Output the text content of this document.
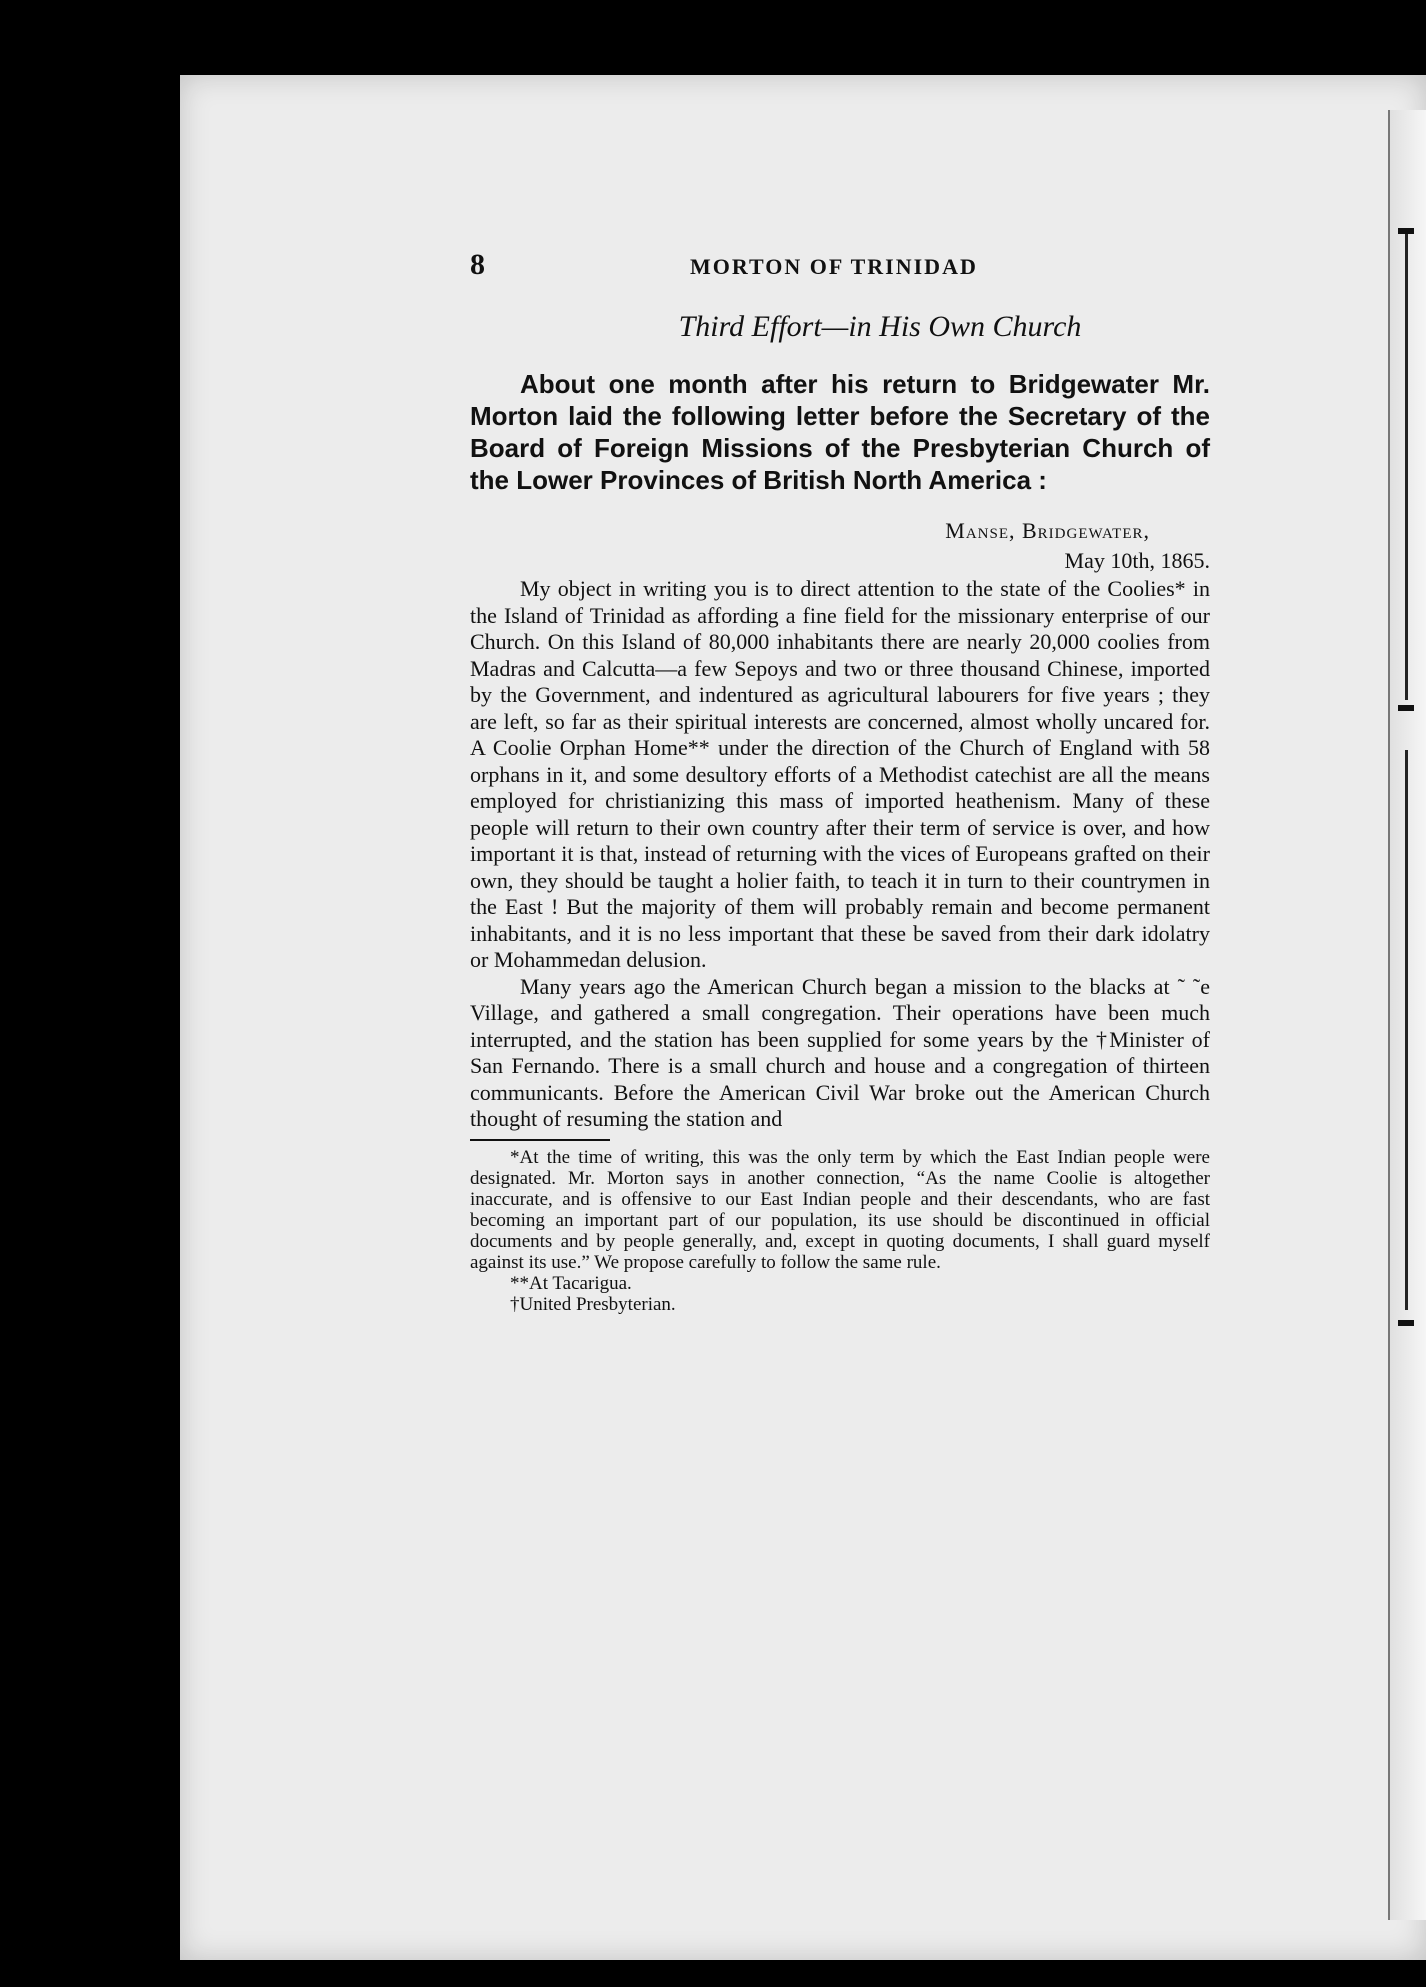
8	MORTON OF TRINIDAD
Third Effort—in His Own Church

About one month after his return to Bridgewater Mr. Morton laid the following letter before the Secretary of the Board of Foreign Missions of the Presbyterian Church of the Lower Provinces of British North America :

Manse, Bridgewater,
May 10th, 1865.

My object in writing you is to direct attention to the state of the Coolies* in the Island of Trinidad as affording a fine field for the missionary enterprise of our Church. On this Island of 80,000 inhabitants there are nearly 20,000 coolies from Madras and Calcutta—a few Sepoys and two or three thousand Chinese, imported by the Government, and indentured as agricultural labourers for five years ; they are left, so far as their spiritual interests are concerned, almost wholly uncared for. A Coolie Orphan Home** under the direction of the Church of England with 58 orphans in it, and some desultory efforts of a Methodist catechist are all the means employed for christianizing this mass of imported heathenism. Many of these people will return to their own country after their term of service is over, and how important it is that, instead of returning with the vices of Europeans grafted on their own, they should be taught a holier faith, to teach it in turn to their countrymen in the East ! But the majority of them will probably remain and become permanent inhabitants, and it is no less important that these be saved from their dark idolatry or Mohammedan delusion.

Many years ago the American Church began a mission to the blacks at ˜ ˜e Village, and gathered a small congregation. Their operations have been much interrupted, and the station has been supplied for some years by the †Minister of San Fernando. There is a small church and house and a congregation of thirteen communicants. Before the American Civil War broke out the American Church thought of resuming the station and

*At the time of writing, this was the only term by which the East Indian people were designated. Mr. Morton says in another connection, “As the name Coolie is altogether inaccurate, and is offensive to our East Indian people and their descendants, who are fast becoming an important part of our population, its use should be discontinued in official documents and by people generally, and, except in quoting documents, I shall guard myself against its use.” We propose carefully to follow the same rule.

**At Tacarigua.

†United Presbyterian.
